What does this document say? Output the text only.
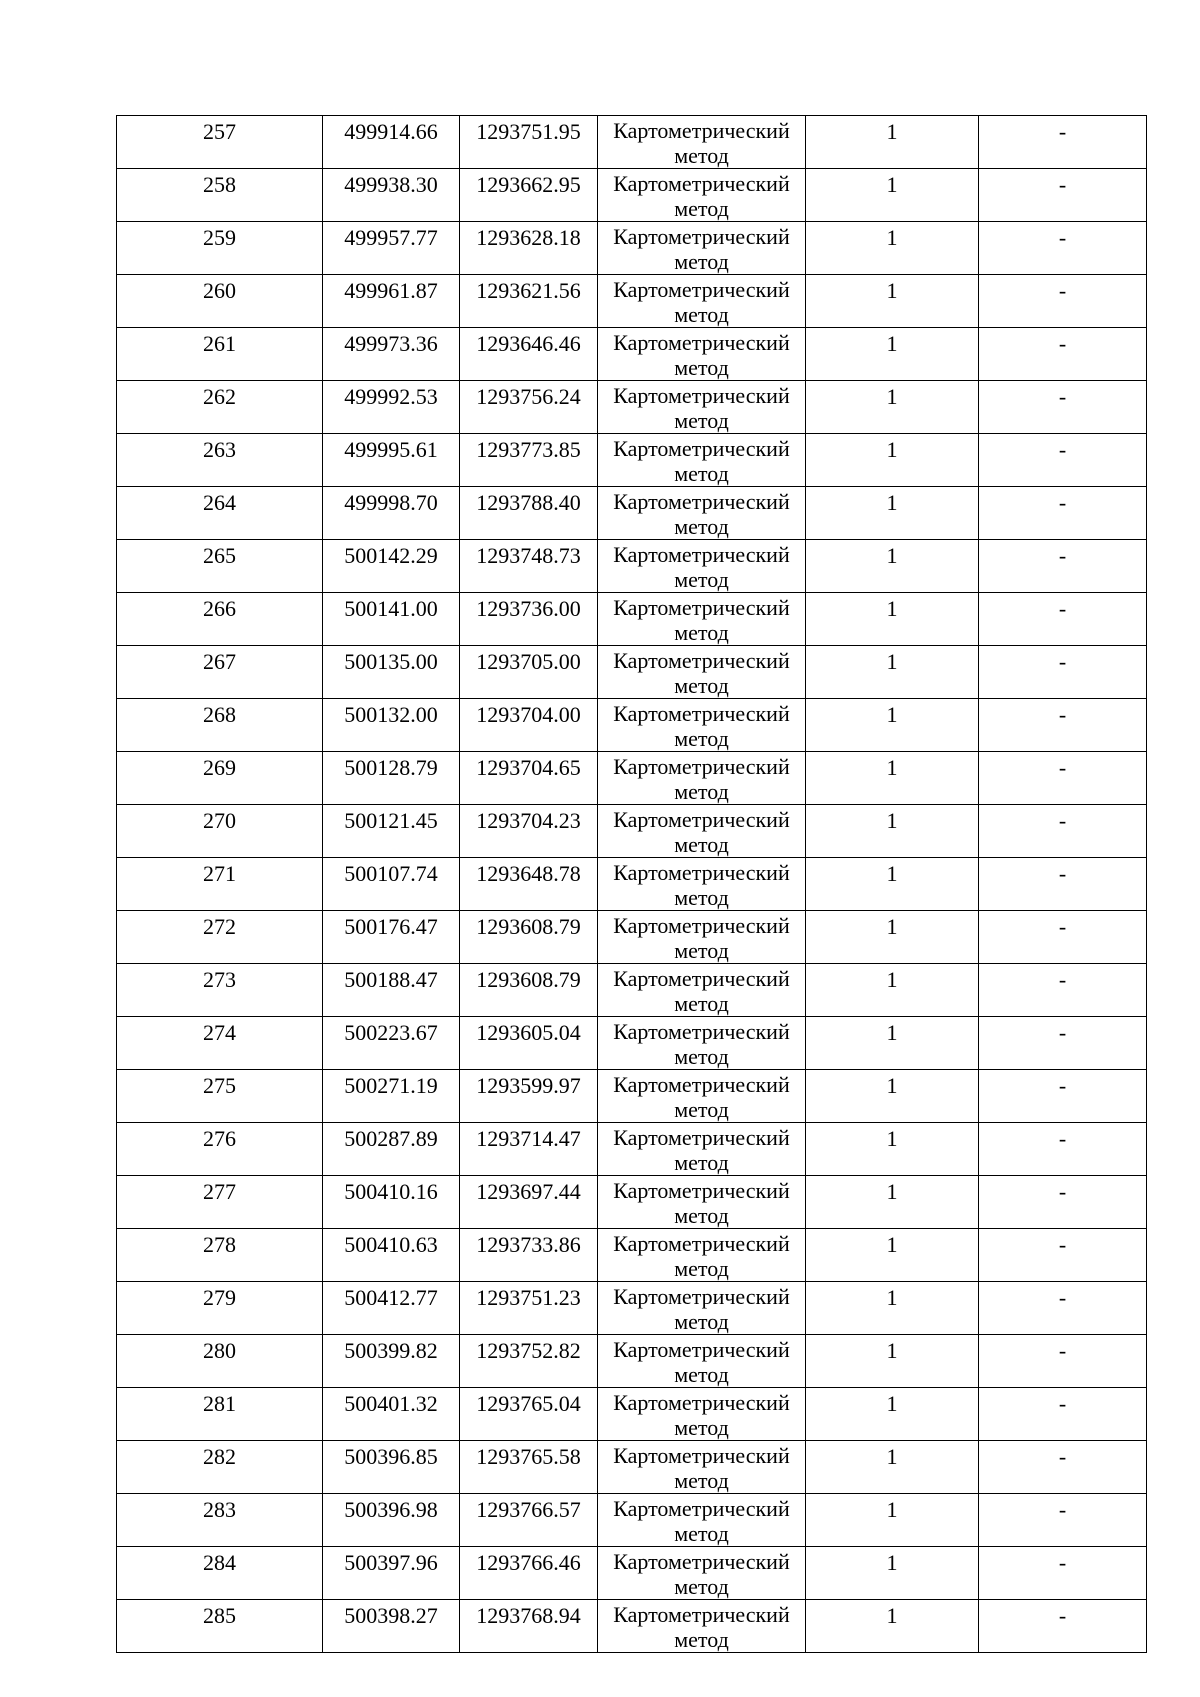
257	499914.66	1293751.95	Картометрический метод	1	-

258	499938.30	1293662.95	Картометрический метод	1	-

259	499957.77	1293628.18	Картометрический метод	1	-

260	499961.87	1293621.56	Картометрический метод	1	-

261	499973.36	1293646.46	Картометрический метод	1	-

262	499992.53	1293756.24	Картометрический метод	1	-

263	499995.61	1293773.85	Картометрический метод	1	-

264	499998.70	1293788.40	Картометрический метод	1	-

265	500142.29	1293748.73	Картометрический метод	1	-

266	500141.00	1293736.00	Картометрический метод	1	-

267	500135.00	1293705.00	Картометрический метод	1	-

268	500132.00	1293704.00	Картометрический метод	1	-

269	500128.79	1293704.65	Картометрический метод	1	-

270	500121.45	1293704.23	Картометрический метод	1	-

271	500107.74	1293648.78	Картометрический метод	1	-

272	500176.47	1293608.79	Картометрический метод	1	-

273	500188.47	1293608.79	Картометрический метод	1	-

274	500223.67	1293605.04	Картометрический метод	1	-

275	500271.19	1293599.97	Картометрический метод	1	-

276	500287.89	1293714.47	Картометрический метод	1	-

277	500410.16	1293697.44	Картометрический метод	1	-

278	500410.63	1293733.86	Картометрический метод	1	-

279	500412.77	1293751.23	Картометрический метод	1	-

280	500399.82	1293752.82	Картометрический метод	1	-

281	500401.32	1293765.04	Картометрический метод	1	-

282	500396.85	1293765.58	Картометрический метод	1	-

283	500396.98	1293766.57	Картометрический метод	1	-

284	500397.96	1293766.46	Картометрический метод	1	-

285	500398.27	1293768.94	Картометрический метод	1	-
